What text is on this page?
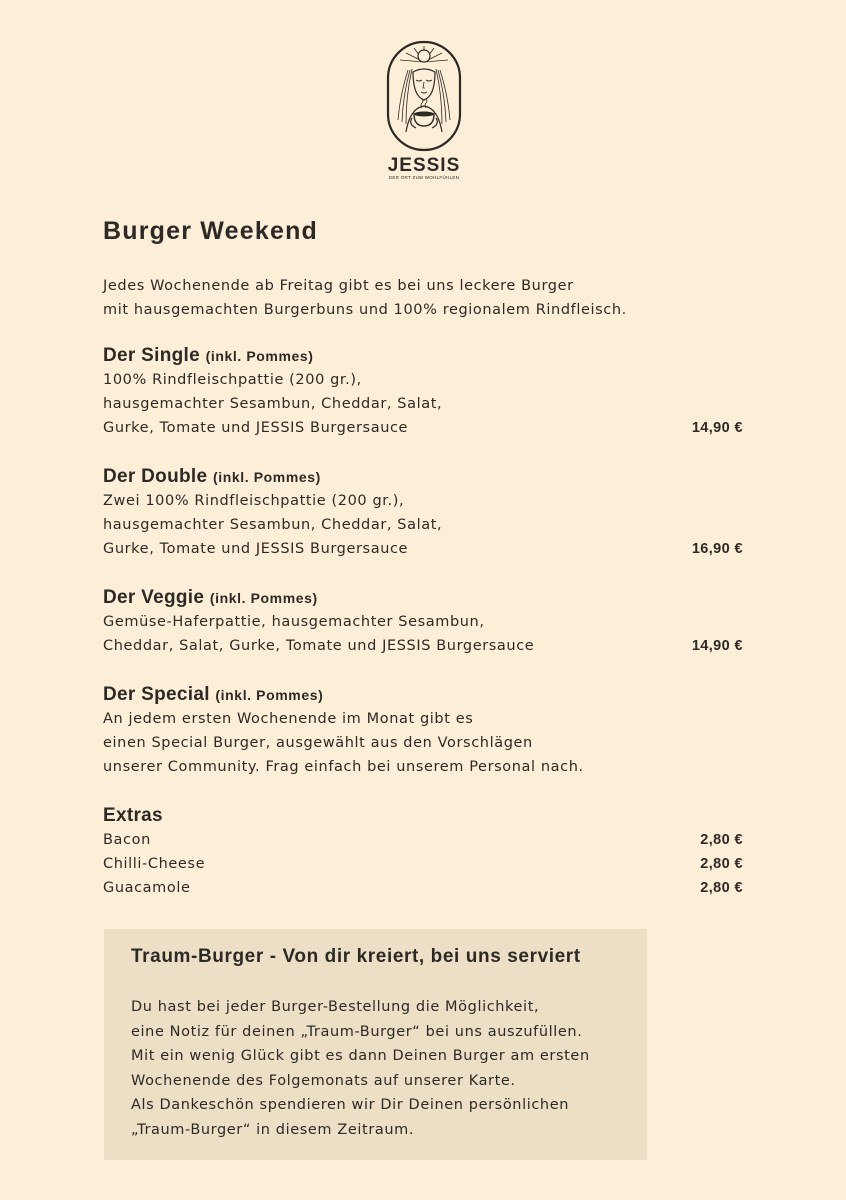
JESSIS
DER ORT ZUM WOHLFÜHLEN
Burger Weekend
Jedes Wochenende ab Freitag gibt es bei uns leckere Burger
mit hausgemachten Burgerbuns und 100% regionalem Rindfleisch.
Der Single (inkl. Pommes)
100% Rindfleischpattie (200 gr.),
hausgemachter Sesambun, Cheddar, Salat,
Gurke, Tomate und JESSIS Burgersauce	14,90 €
Der Double (inkl. Pommes)
Zwei 100% Rindfleischpattie (200 gr.),
hausgemachter Sesambun, Cheddar, Salat,
Gurke, Tomate und JESSIS Burgersauce	16,90 €
Der Veggie (inkl. Pommes)
Gemüse-Haferpattie, hausgemachter Sesambun,
Cheddar, Salat, Gurke, Tomate und JESSIS Burgersauce	14,90 €
Der Special (inkl. Pommes)
An jedem ersten Wochenende im Monat gibt es
einen Special Burger, ausgewählt aus den Vorschlägen
unserer Community. Frag einfach bei unserem Personal nach.
Extras
Bacon	2,80 €
Chilli-Cheese	2,80 €
Guacamole	2,80 €
Traum-Burger - Von dir kreiert, bei uns serviert
Du hast bei jeder Burger-Bestellung die Möglichkeit,
eine Notiz für deinen „Traum-Burger“ bei uns auszufüllen.
Mit ein wenig Glück gibt es dann Deinen Burger am ersten
Wochenende des Folgemonats auf unserer Karte.
Als Dankeschön spendieren wir Dir Deinen persönlichen
„Traum-Burger“ in diesem Zeitraum.
